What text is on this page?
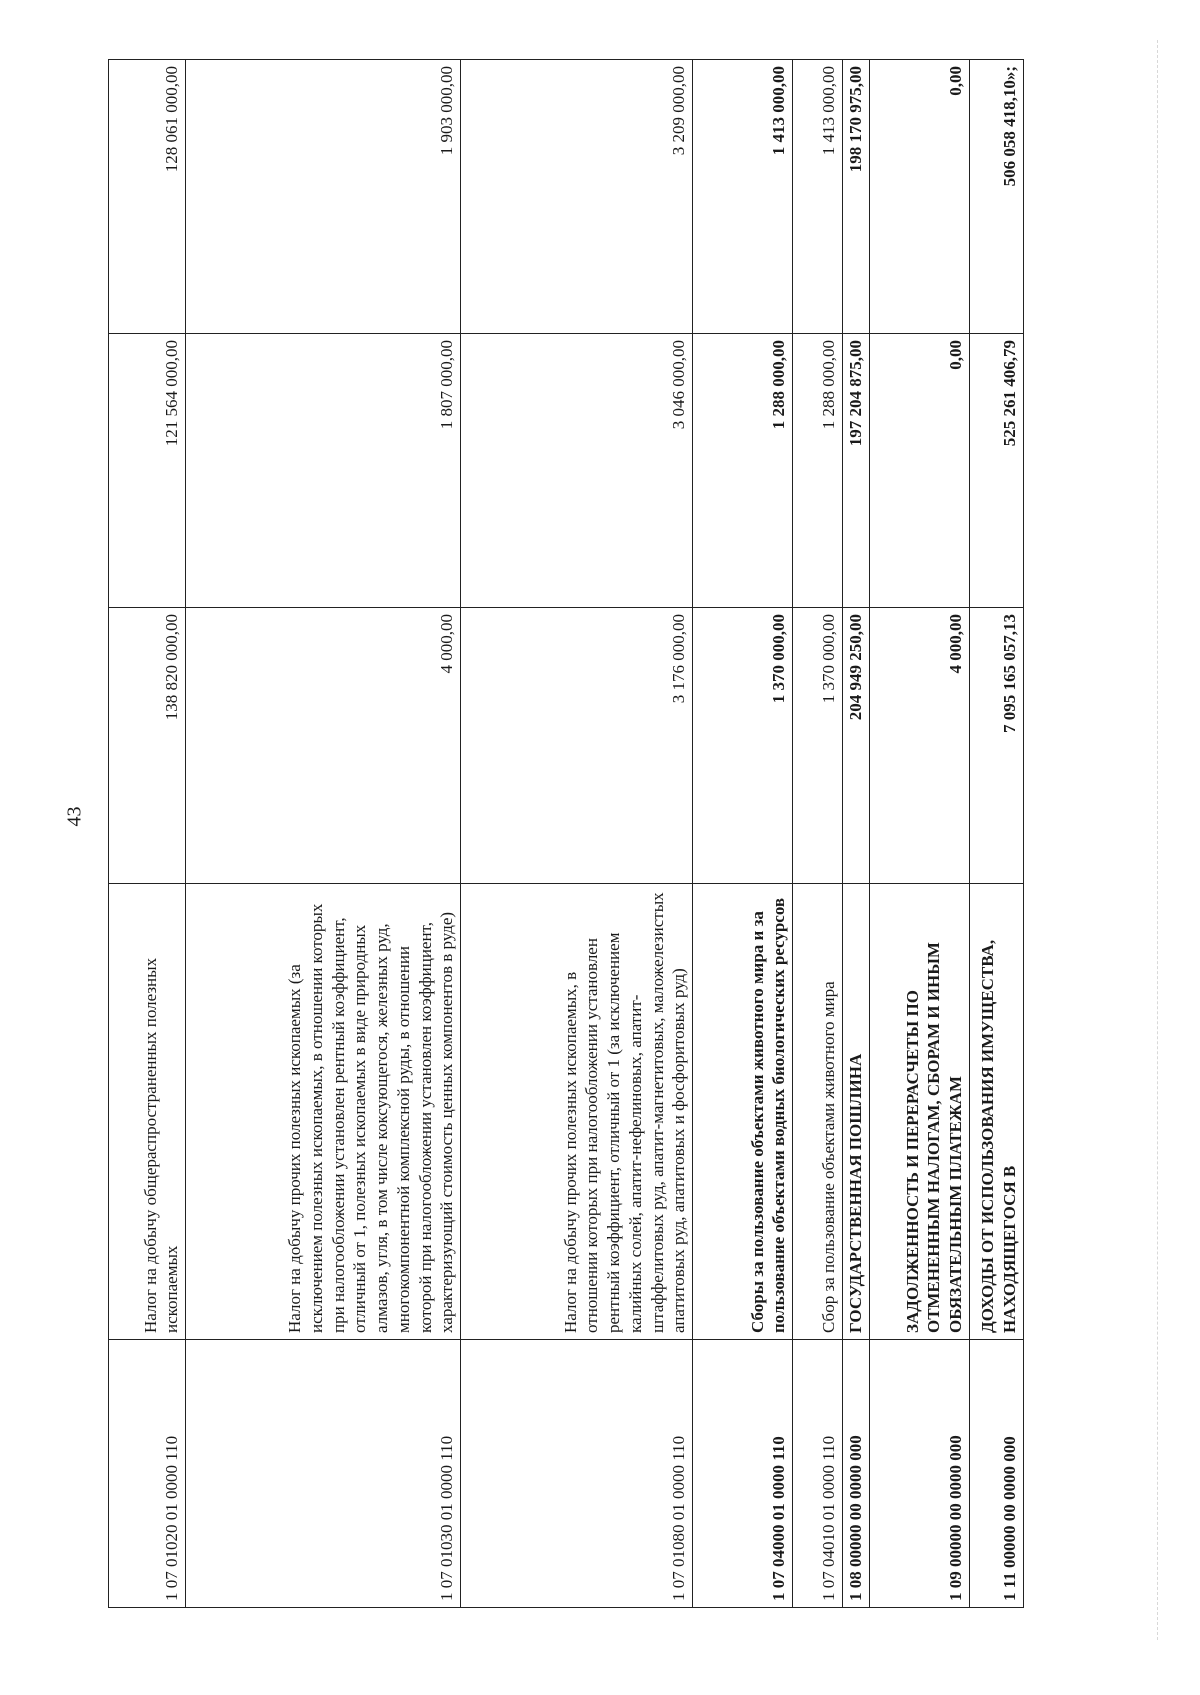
43
1 07 01020 01 0000 110	Налог на добычу общераспространенных полезных ископаемых	138 820 000,00	121 564 000,00	128 061 000,00
1 07 01030 01 0000 110	Налог на добычу прочих полезных ископаемых (за исключением полезных ископаемых, в отношении которых при налогообложении установлен рентный коэффициент, отличный от 1, полезных ископаемых в виде природных алмазов, угля, в том числе коксующегося, железных руд, многокомпонентной комплексной руды, в отношении которой при налогообложении установлен коэффициент, характеризующий стоимость ценных компонентов в руде)	4 000,00	1 807 000,00	1 903 000,00
1 07 01080 01 0000 110	Налог на добычу прочих полезных ископаемых, в отношении которых при налогообложении установлен рентный коэффициент, отличный от 1 (за исключением калийных солей, апатит-нефелиновых, апатит-штаффелитовых руд, апатит-магнетитовых, маложелезистых апатитовых руд, апатитовых и фосфоритовых руд)	3 176 000,00	3 046 000,00	3 209 000,00
1 07 04000 01 0000 110	Сборы за пользование объектами животного мира и за пользование объектами водных биологических ресурсов	1 370 000,00	1 288 000,00	1 413 000,00
1 07 04010 01 0000 110	Сбор за пользование объектами животного мира	1 370 000,00	1 288 000,00	1 413 000,00
1 08 00000 00 0000 000	ГОСУДАРСТВЕННАЯ ПОШЛИНА	204 949 250,00	197 204 875,00	198 170 975,00
1 09 00000 00 0000 000	ЗАДОЛЖЕННОСТЬ И ПЕРЕРАСЧЕТЫ ПО ОТМЕНЕННЫМ НАЛОГАМ, СБОРАМ И ИНЫМ ОБЯЗАТЕЛЬНЫМ ПЛАТЕЖАМ	4 000,00	0,00	0,00
1 11 00000 00 0000 000	ДОХОДЫ ОТ ИСПОЛЬЗОВАНИЯ ИМУЩЕСТВА, НАХОДЯЩЕГОСЯ В	7 095 165 057,13	525 261 406,79	506 058 418,10»;
